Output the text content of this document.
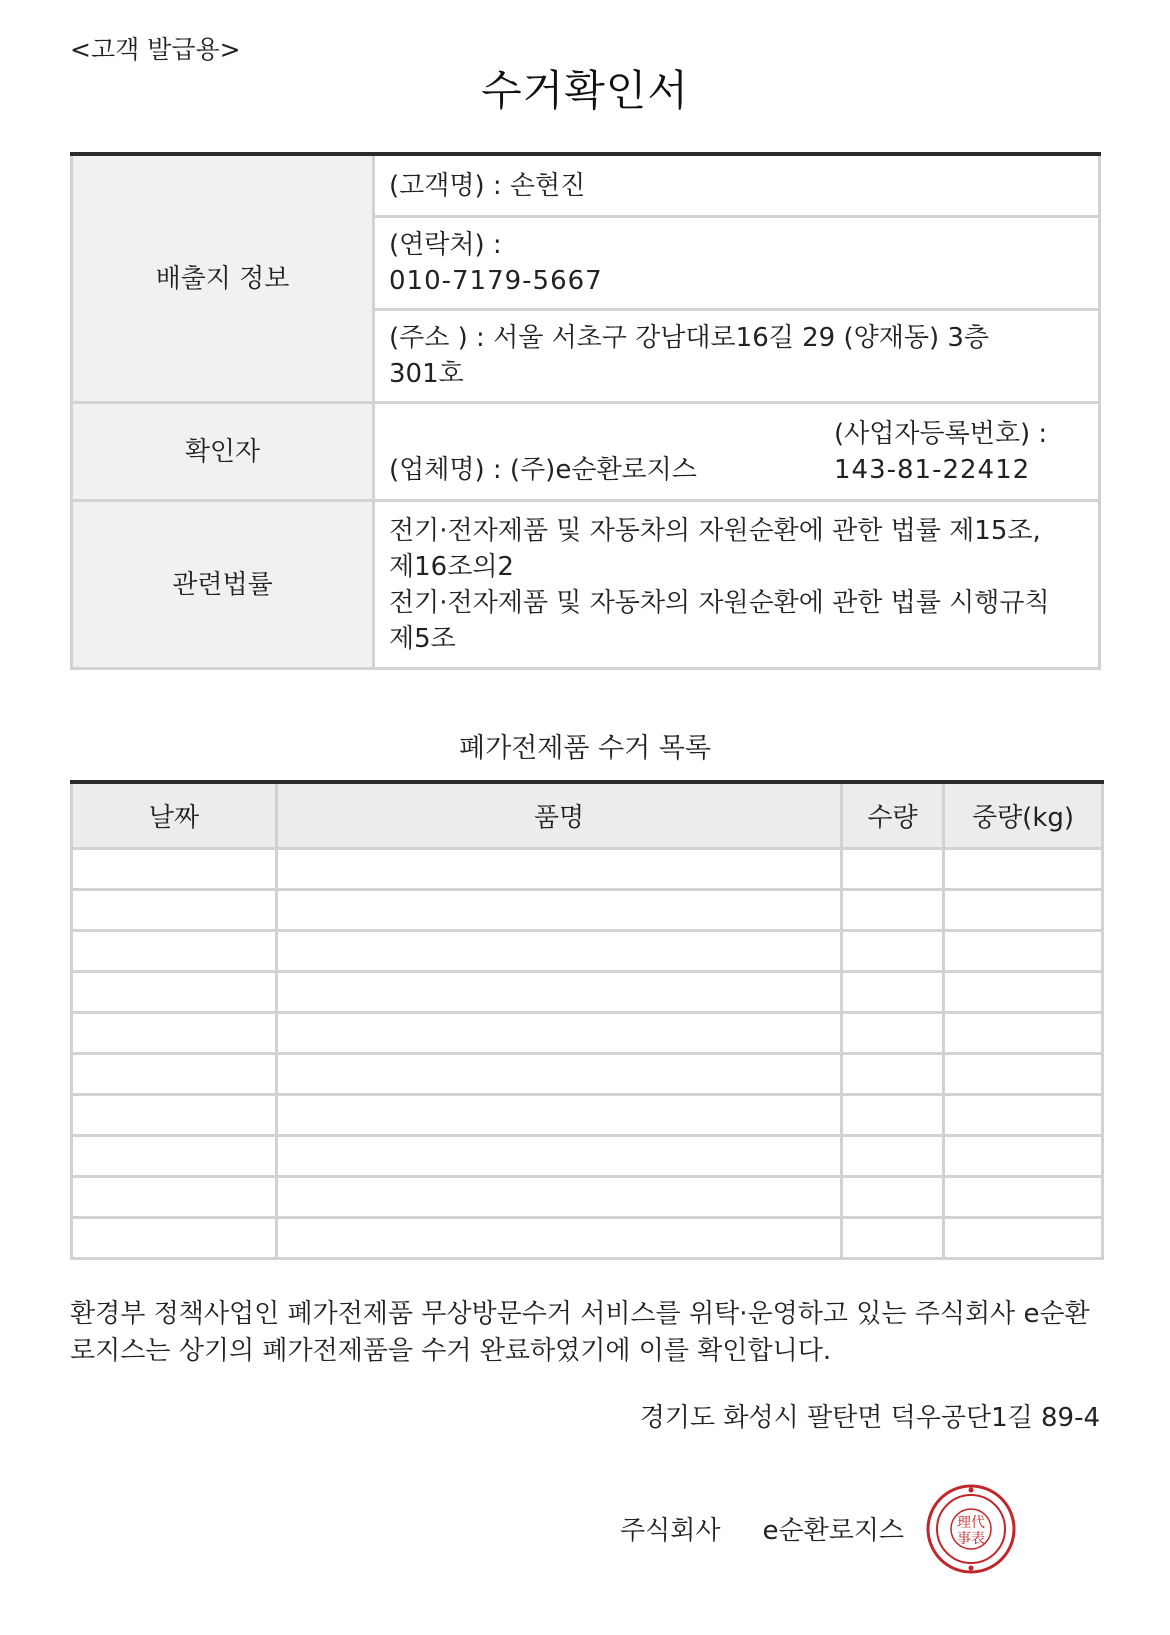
<고객 발급용>
수거확인서
배출지 정보	(고객명) : 손현진

	(연락처) :
010-7179-5667

	(주소 ) : 서울 서초구 강남대로16길 29 (양재동) 3층
301호

확인자	(업체명) : (주)e순환로지스
(사업자등록번호) :
143-81-22412

관련법률	전기·전자제품 및 자동차의 자원순환에 관한 법률 제15조,
제16조의2
전기·전자제품 및 자동차의 자원순환에 관한 법률 시행규칙
제5조
폐가전제품 수거 목록
날짜	품명	수량	중량(kg)

환경부 정책사업인 폐가전제품 무상방문수거 서비스를 위탁·운영하고 있는 주식회사 e순환로지스는 상기의 폐가전제품을 수거 완료하였기에 이를 확인합니다.
경기도 화성시 팔탄면 덕우공단1길 89-4
주식회사 e순환로지스	理代
事表
